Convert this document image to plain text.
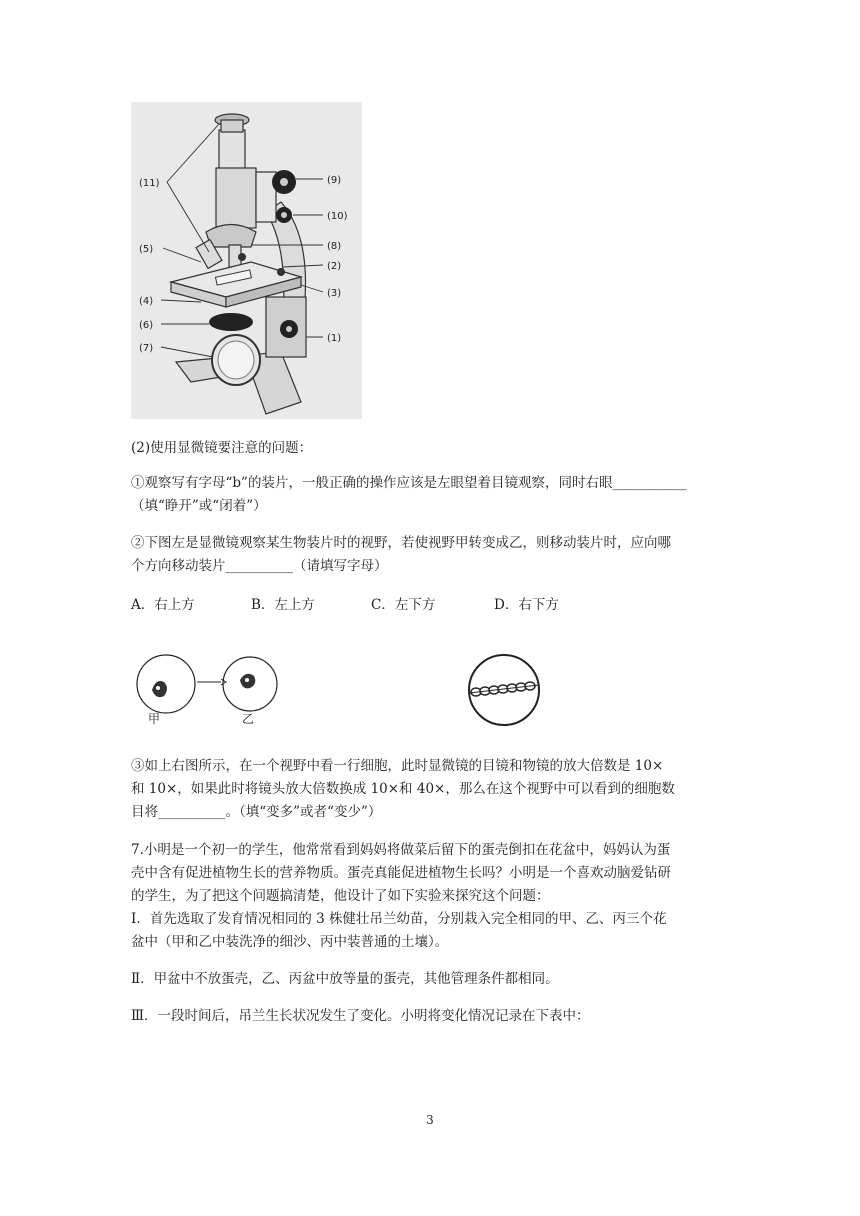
(11)	(9)
(10)
(5)	(8)
(2)
(3)
(4)
(6)
(7)
(1)
(2)使用显微镜要注意的问题：
①观察写有字母“b”的装片，一般正确的操作应该是左眼望着目镜观察，同时右眼___________
（填“睁开”或“闭着”）
②下图左是显微镜观察某生物装片时的视野，若使视野甲转变成乙，则移动装片时，应向哪
个方向移动装片__________（请填写字母）
A．右上方	B．左上方	C．左下方	D．右下方
甲	乙
③如上右图所示，在一个视野中看一行细胞，此时显微镜的目镜和物镜的放大倍数是 10×
和 10×，如果此时将镜头放大倍数换成 10×和 40×，那么在这个视野中可以看到的细胞数
目将__________。（填“变多”或者“变少”）
7.小明是一个初一的学生，他常常看到妈妈将做菜后留下的蛋壳倒扣在花盆中，妈妈认为蛋
壳中含有促进植物生长的营养物质。蛋壳真能促进植物生长吗？小明是一个喜欢动脑爱钻研
的学生，为了把这个问题搞清楚，他设计了如下实验来探究这个问题：
I．首先选取了发育情况相同的 3 株健壮吊兰幼苗，分别栽入完全相同的甲、乙、丙三个花
盆中（甲和乙中装洗净的细沙、丙中装普通的土壤）。
Ⅱ．甲盆中不放蛋壳，乙、丙盆中放等量的蛋壳，其他管理条件都相同。
Ⅲ．一段时间后，吊兰生长状况发生了变化。小明将变化情况记录在下表中：
3
